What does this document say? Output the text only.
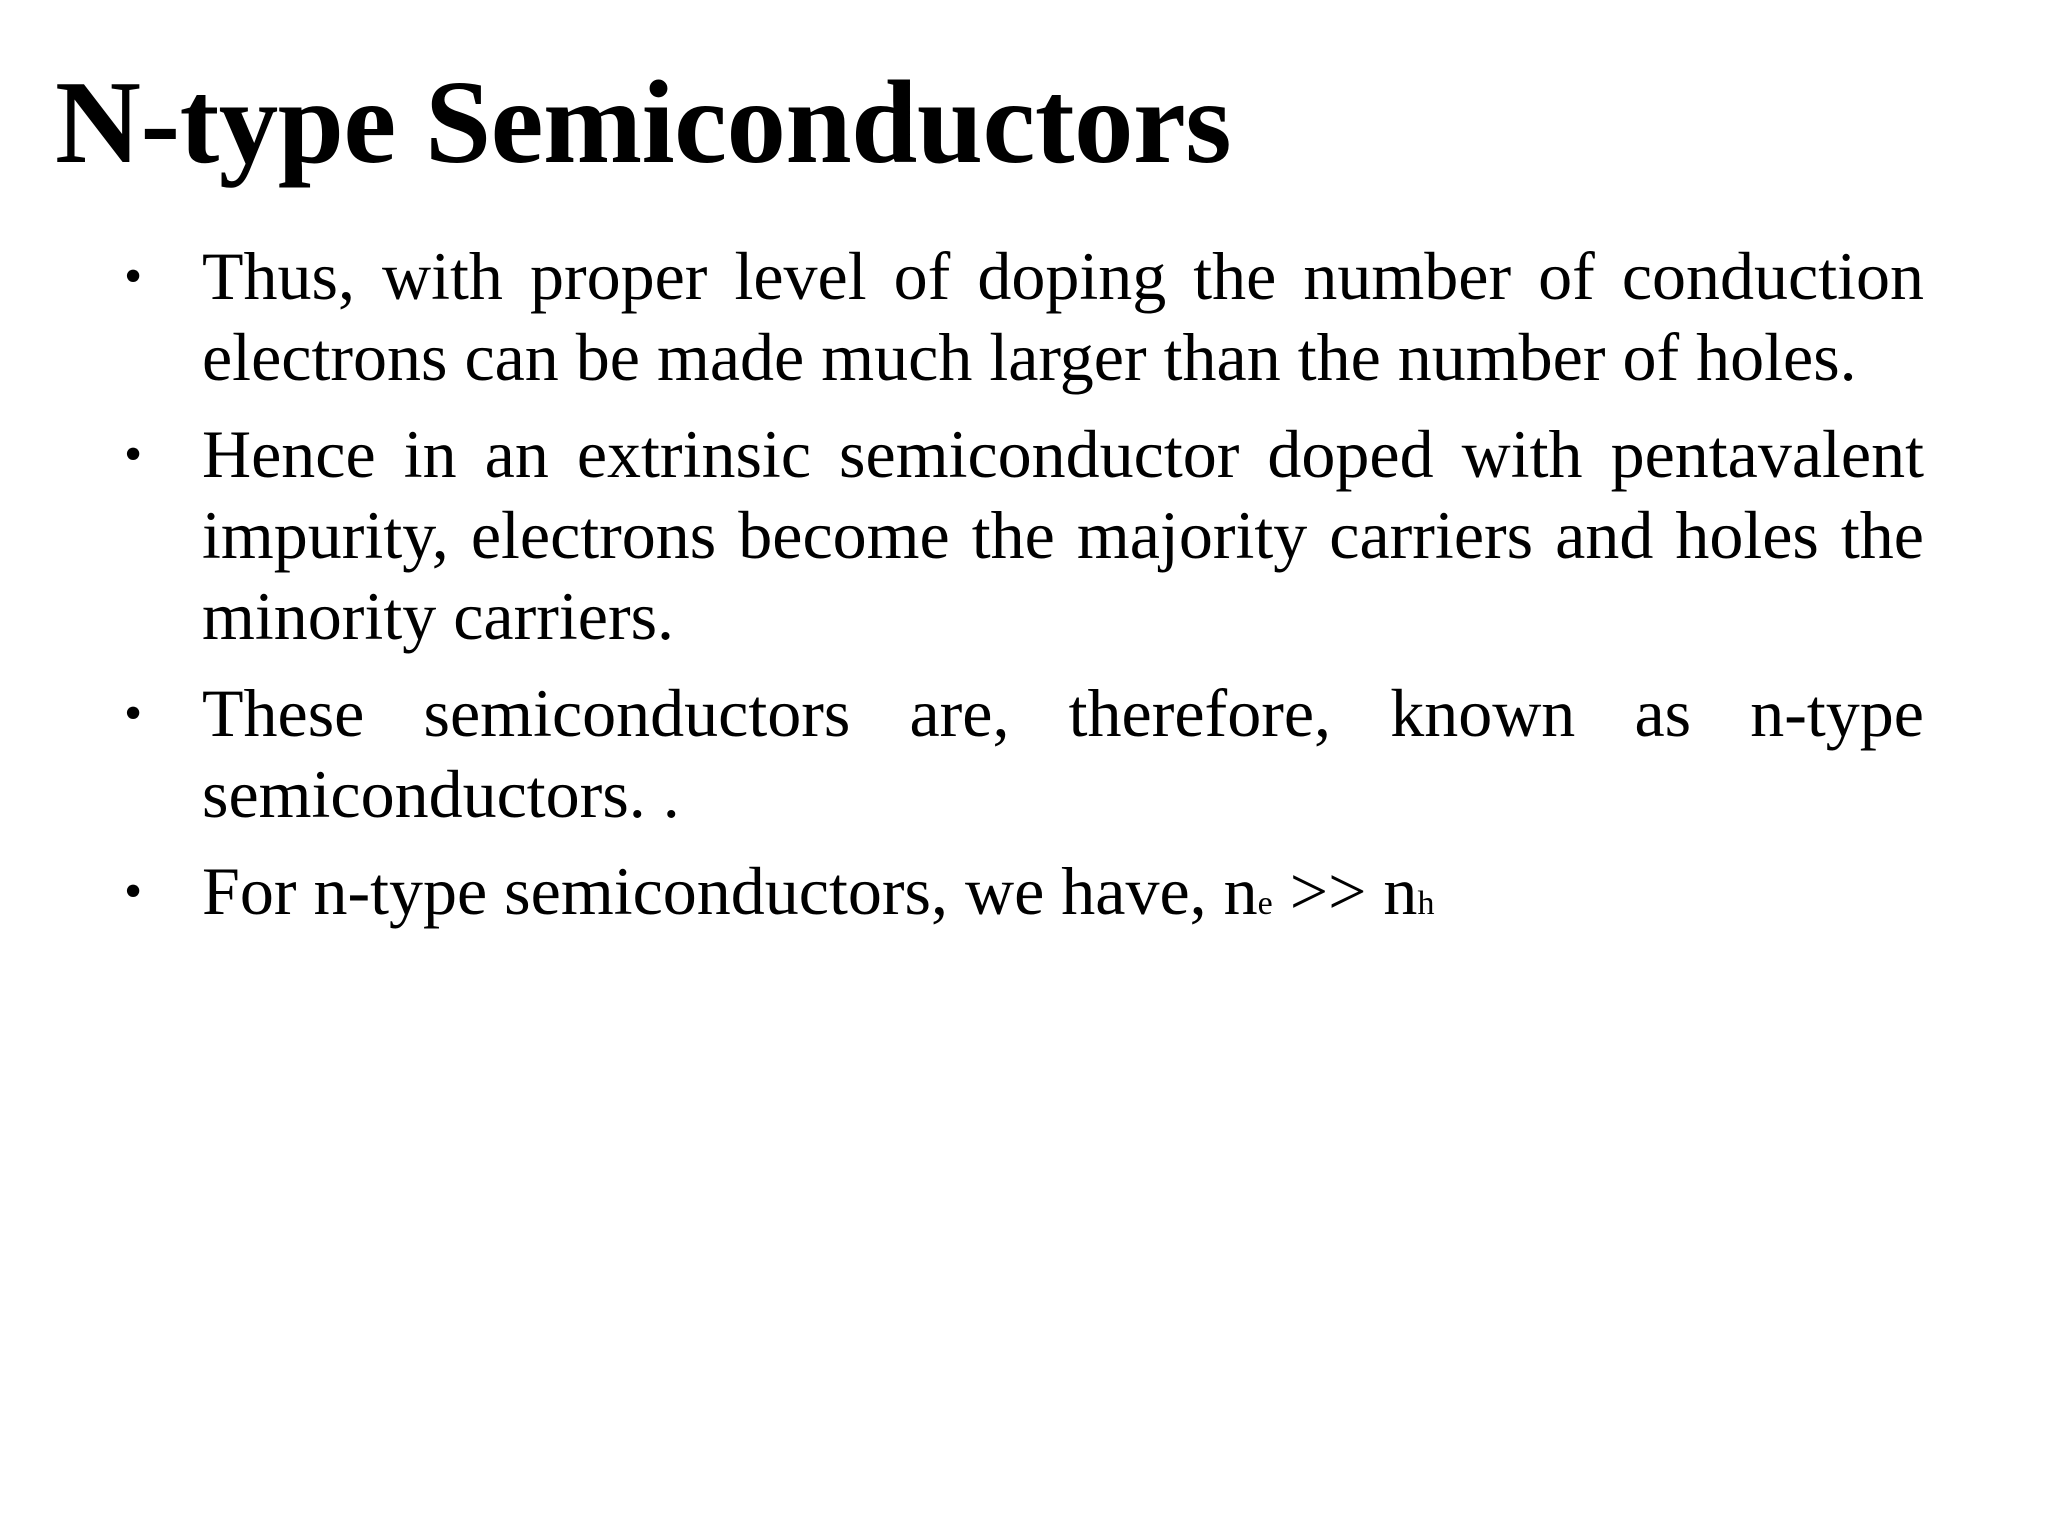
N-type Semiconductors
• Thus, with proper level of doping the number of conduction electrons can be made much larger than the number of holes.
• Hence in an extrinsic semiconductor doped with pentavalent impurity, electrons become the majority carriers and holes the minority carriers.
• These semiconductors are, therefore, known as n-type semiconductors. .
• For n-type semiconductors, we have, ne >> nh
